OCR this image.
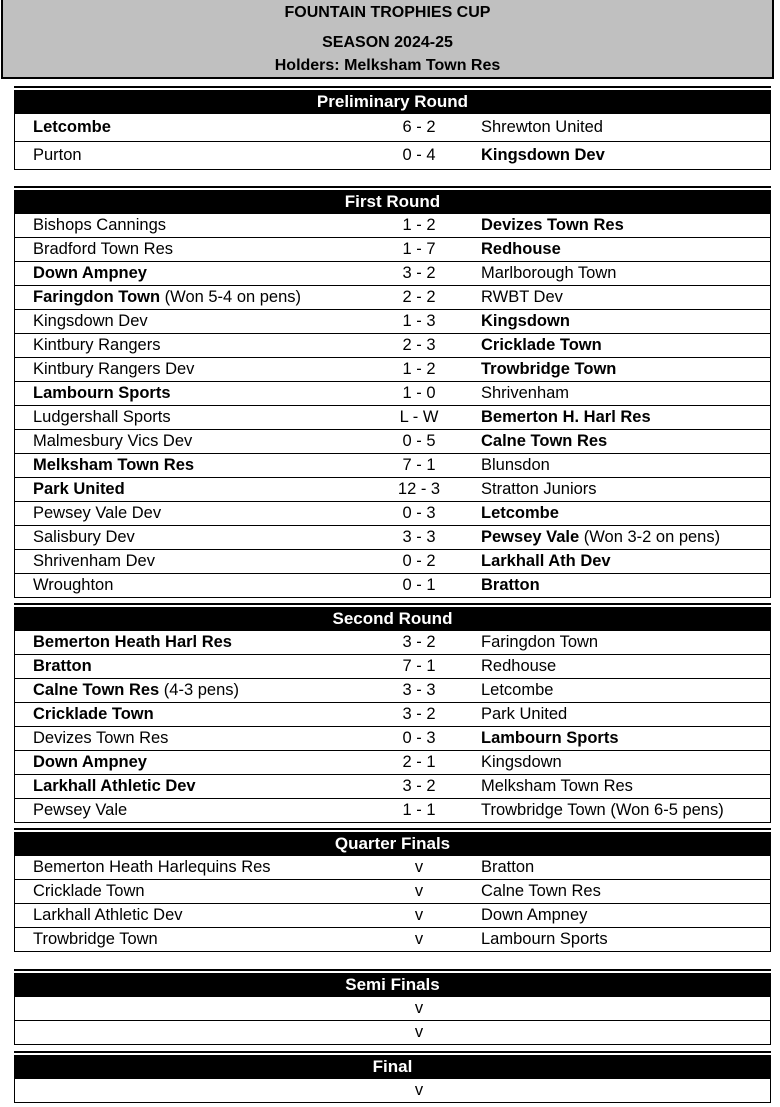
FOUNTAIN TROPHIES CUP
SEASON 2024-25
Holders: Melksham Town Res
Preliminary Round
Letcombe	6 - 2	Shrewton United
Purton	0 - 4	Kingsdown Dev
First Round
Bishops Cannings	1 - 2	Devizes Town Res
Bradford Town Res	1 - 7	Redhouse
Down Ampney	3 - 2	Marlborough Town
Faringdon Town (Won 5-4 on pens)	2 - 2	RWBT Dev
Kingsdown Dev	1 - 3	Kingsdown
Kintbury Rangers	2 - 3	Cricklade Town
Kintbury Rangers Dev	1 - 2	Trowbridge Town
Lambourn Sports	1 - 0	Shrivenham
Ludgershall Sports	L - W	Bemerton H. Harl Res
Malmesbury Vics Dev	0 - 5	Calne Town Res
Melksham Town Res	7 - 1	Blunsdon
Park United	12 - 3	Stratton Juniors
Pewsey Vale Dev	0 - 3	Letcombe
Salisbury Dev	3 - 3	Pewsey Vale (Won 3-2 on pens)
Shrivenham Dev	0 - 2	Larkhall Ath Dev
Wroughton	0 - 1	Bratton
Second Round
Bemerton Heath Harl Res	3 - 2	Faringdon Town
Bratton	7 - 1	Redhouse
Calne Town Res (4-3 pens)	3 - 3	Letcombe
Cricklade Town	3 - 2	Park United
Devizes Town Res	0 - 3	Lambourn Sports
Down Ampney	2 - 1	Kingsdown
Larkhall Athletic Dev	3 - 2	Melksham Town Res
Pewsey Vale	1 - 1	Trowbridge Town (Won 6-5 pens)
Quarter Finals
Bemerton Heath Harlequins Res	v	Bratton
Cricklade Town	v	Calne Town Res
Larkhall Athletic Dev	v	Down Ampney
Trowbridge Town	v	Lambourn Sports
Semi Finals
	v	
	v	
Final
	v	
